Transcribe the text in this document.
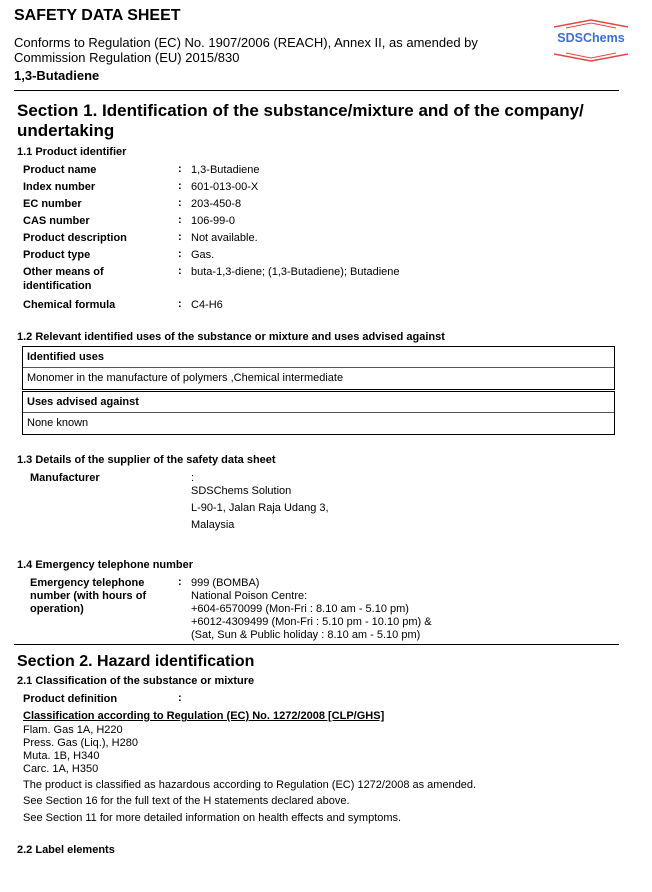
SAFETY DATA SHEET
Conforms to Regulation (EC) No. 1907/2006 (REACH), Annex II, as amended by
Commission Regulation (EU) 2015/830
1,3-Butadiene
SDSChems
Section 1. Identification of the substance/mixture and of the company/
undertaking
1.1 Product identifier
Product name	: 1,3-Butadiene
Index number	: 601-013-00-X
EC number	: 203-450-8
CAS number	: 106-99-0
Product description	: Not available.
Product type	: Gas.
Other means of
identification
: buta-1,3-diene; (1,3-Butadiene); Butadiene
Chemical formula	: C4-H6
1.2 Relevant identified uses of the substance or mixture and uses advised against
Identified uses
Monomer in the manufacture of polymers ,Chemical intermediate
Uses advised against
None known
1.3 Details of the supplier of the safety data sheet
Manufacturer	:
SDSChems Solution
L-90-1, Jalan Raja Udang 3,
Malaysia
1.4 Emergency telephone number
Emergency telephone
number (with hours of
operation)
: 999 (BOMBA)
National Poison Centre:
+604-6570099 (Mon-Fri : 8.10 am - 5.10 pm)
+6012-4309499 (Mon-Fri : 5.10 pm - 10.10 pm) &
(Sat, Sun & Public holiday : 8.10 am - 5.10 pm)
Section 2. Hazard identification
2.1 Classification of the substance or mixture
Product definition	:
Classification according to Regulation (EC) No. 1272/2008 [CLP/GHS]
Flam. Gas 1A, H220
Press. Gas (Liq.), H280
Muta. 1B, H340
Carc. 1A, H350
The product is classified as hazardous according to Regulation (EC) 1272/2008 as amended.
See Section 16 for the full text of the H statements declared above.
See Section 11 for more detailed information on health effects and symptoms.
2.2 Label elements
